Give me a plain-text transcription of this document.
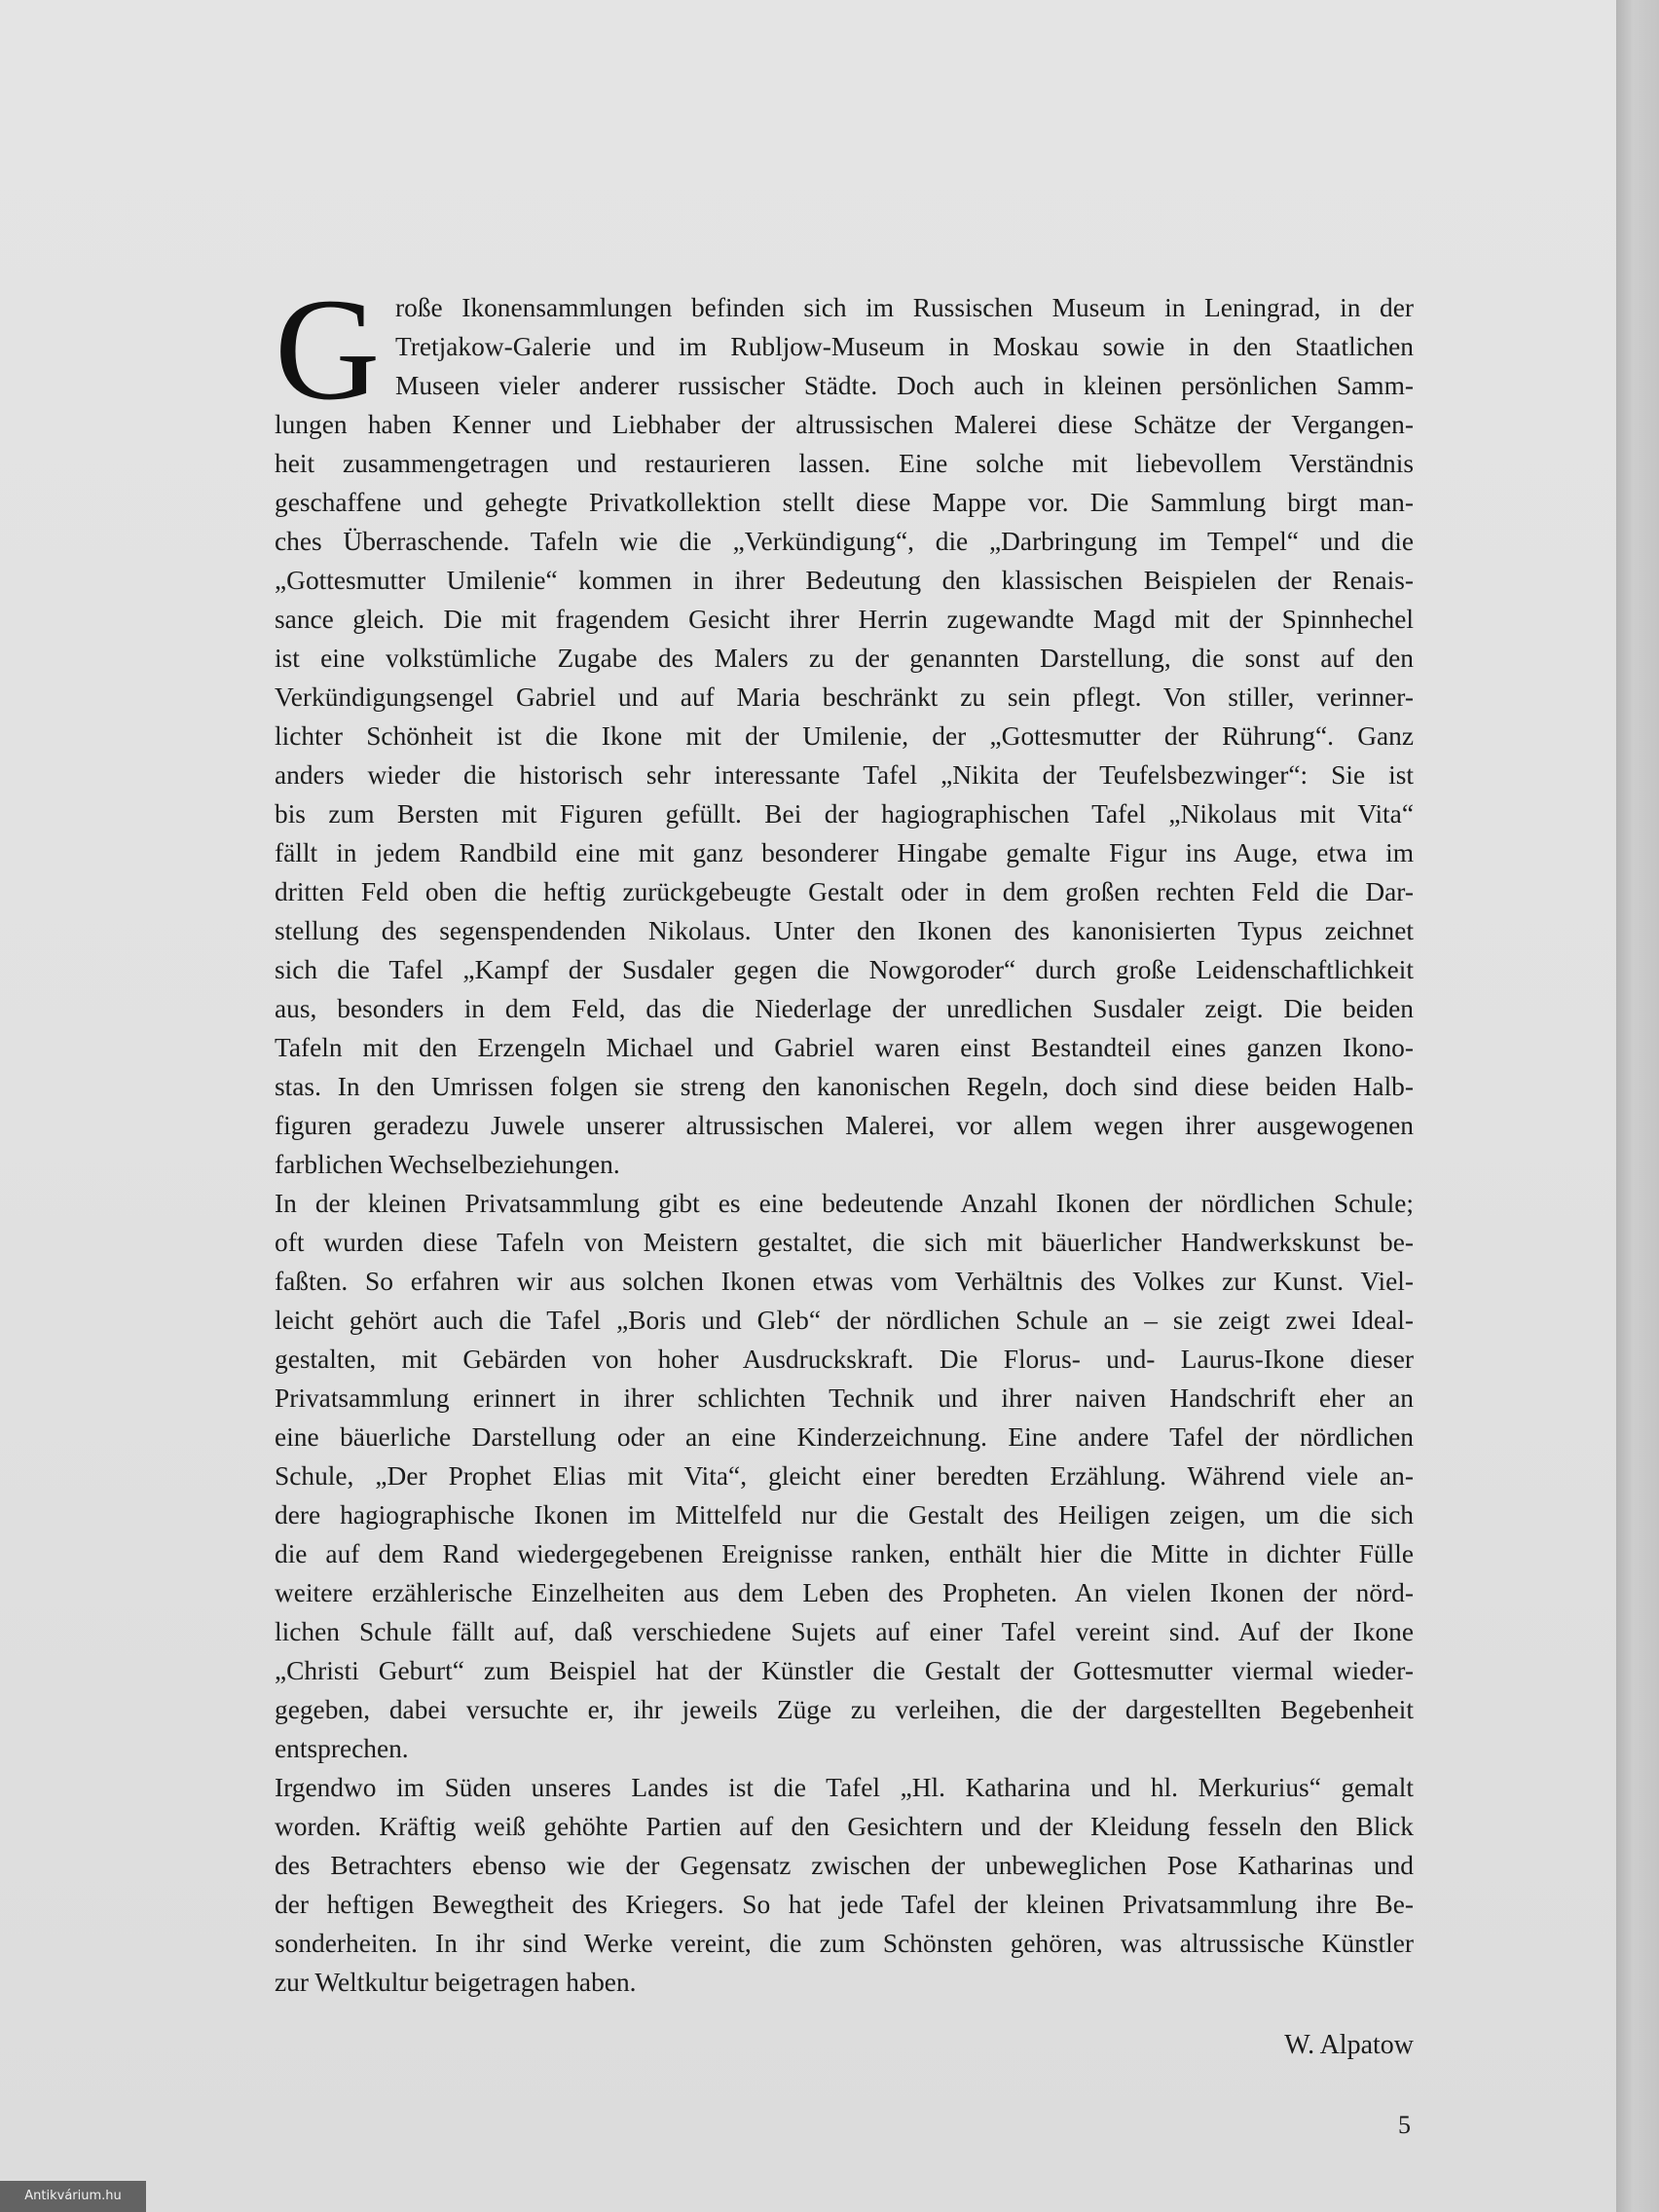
G roße Ikonensammlungen befinden sich im Russischen Museum in Leningrad, in der
Tretjakow-Galerie und im Rubljow-Museum in Moskau sowie in den Staatlichen
Museen vieler anderer russischer Städte. Doch auch in kleinen persönlichen Samm-
lungen haben Kenner und Liebhaber der altrussischen Malerei diese Schätze der Vergangen-
heit zusammengetragen und restaurieren lassen. Eine solche mit liebevollem Verständnis
geschaffene und gehegte Privatkollektion stellt diese Mappe vor. Die Sammlung birgt man-
ches Überraschende. Tafeln wie die „Verkündigung“, die „Darbringung im Tempel“ und die
„Gottesmutter Umilenie“ kommen in ihrer Bedeutung den klassischen Beispielen der Renais-
sance gleich. Die mit fragendem Gesicht ihrer Herrin zugewandte Magd mit der Spinnhechel
ist eine volkstümliche Zugabe des Malers zu der genannten Darstellung, die sonst auf den
Verkündigungsengel Gabriel und auf Maria beschränkt zu sein pflegt. Von stiller, verinner-
lichter Schönheit ist die Ikone mit der Umilenie, der „Gottesmutter der Rührung“. Ganz
anders wieder die historisch sehr interessante Tafel „Nikita der Teufelsbezwinger“: Sie ist
bis zum Bersten mit Figuren gefüllt. Bei der hagiographischen Tafel „Nikolaus mit Vita“
fällt in jedem Randbild eine mit ganz besonderer Hingabe gemalte Figur ins Auge, etwa im
dritten Feld oben die heftig zurückgebeugte Gestalt oder in dem großen rechten Feld die Dar-
stellung des segenspendenden Nikolaus. Unter den Ikonen des kanonisierten Typus zeichnet
sich die Tafel „Kampf der Susdaler gegen die Nowgoroder“ durch große Leidenschaftlichkeit
aus, besonders in dem Feld, das die Niederlage der unredlichen Susdaler zeigt. Die beiden
Tafeln mit den Erzengeln Michael und Gabriel waren einst Bestandteil eines ganzen Ikono-
stas. In den Umrissen folgen sie streng den kanonischen Regeln, doch sind diese beiden Halb-
figuren geradezu Juwele unserer altrussischen Malerei, vor allem wegen ihrer ausgewogenen
farblichen Wechselbeziehungen.
In der kleinen Privatsammlung gibt es eine bedeutende Anzahl Ikonen der nördlichen Schule;
oft wurden diese Tafeln von Meistern gestaltet, die sich mit bäuerlicher Handwerkskunst be-
faßten. So erfahren wir aus solchen Ikonen etwas vom Verhältnis des Volkes zur Kunst. Viel-
leicht gehört auch die Tafel „Boris und Gleb“ der nördlichen Schule an – sie zeigt zwei Ideal-
gestalten, mit Gebärden von hoher Ausdruckskraft. Die Florus- und- Laurus-Ikone dieser
Privatsammlung erinnert in ihrer schlichten Technik und ihrer naiven Handschrift eher an
eine bäuerliche Darstellung oder an eine Kinderzeichnung. Eine andere Tafel der nördlichen
Schule, „Der Prophet Elias mit Vita“, gleicht einer beredten Erzählung. Während viele an-
dere hagiographische Ikonen im Mittelfeld nur die Gestalt des Heiligen zeigen, um die sich
die auf dem Rand wiedergegebenen Ereignisse ranken, enthält hier die Mitte in dichter Fülle
weitere erzählerische Einzelheiten aus dem Leben des Propheten. An vielen Ikonen der nörd-
lichen Schule fällt auf, daß verschiedene Sujets auf einer Tafel vereint sind. Auf der Ikone
„Christi Geburt“ zum Beispiel hat der Künstler die Gestalt der Gottesmutter viermal wieder-
gegeben, dabei versuchte er, ihr jeweils Züge zu verleihen, die der dargestellten Begebenheit
entsprechen.
Irgendwo im Süden unseres Landes ist die Tafel „Hl. Katharina und hl. Merkurius“ gemalt
worden. Kräftig weiß gehöhte Partien auf den Gesichtern und der Kleidung fesseln den Blick
des Betrachters ebenso wie der Gegensatz zwischen der unbeweglichen Pose Katharinas und
der heftigen Bewegtheit des Kriegers. So hat jede Tafel der kleinen Privatsammlung ihre Be-
sonderheiten. In ihr sind Werke vereint, die zum Schönsten gehören, was altrussische Künstler
zur Weltkultur beigetragen haben.
W. Alpatow
5
Antikvárium.hu
